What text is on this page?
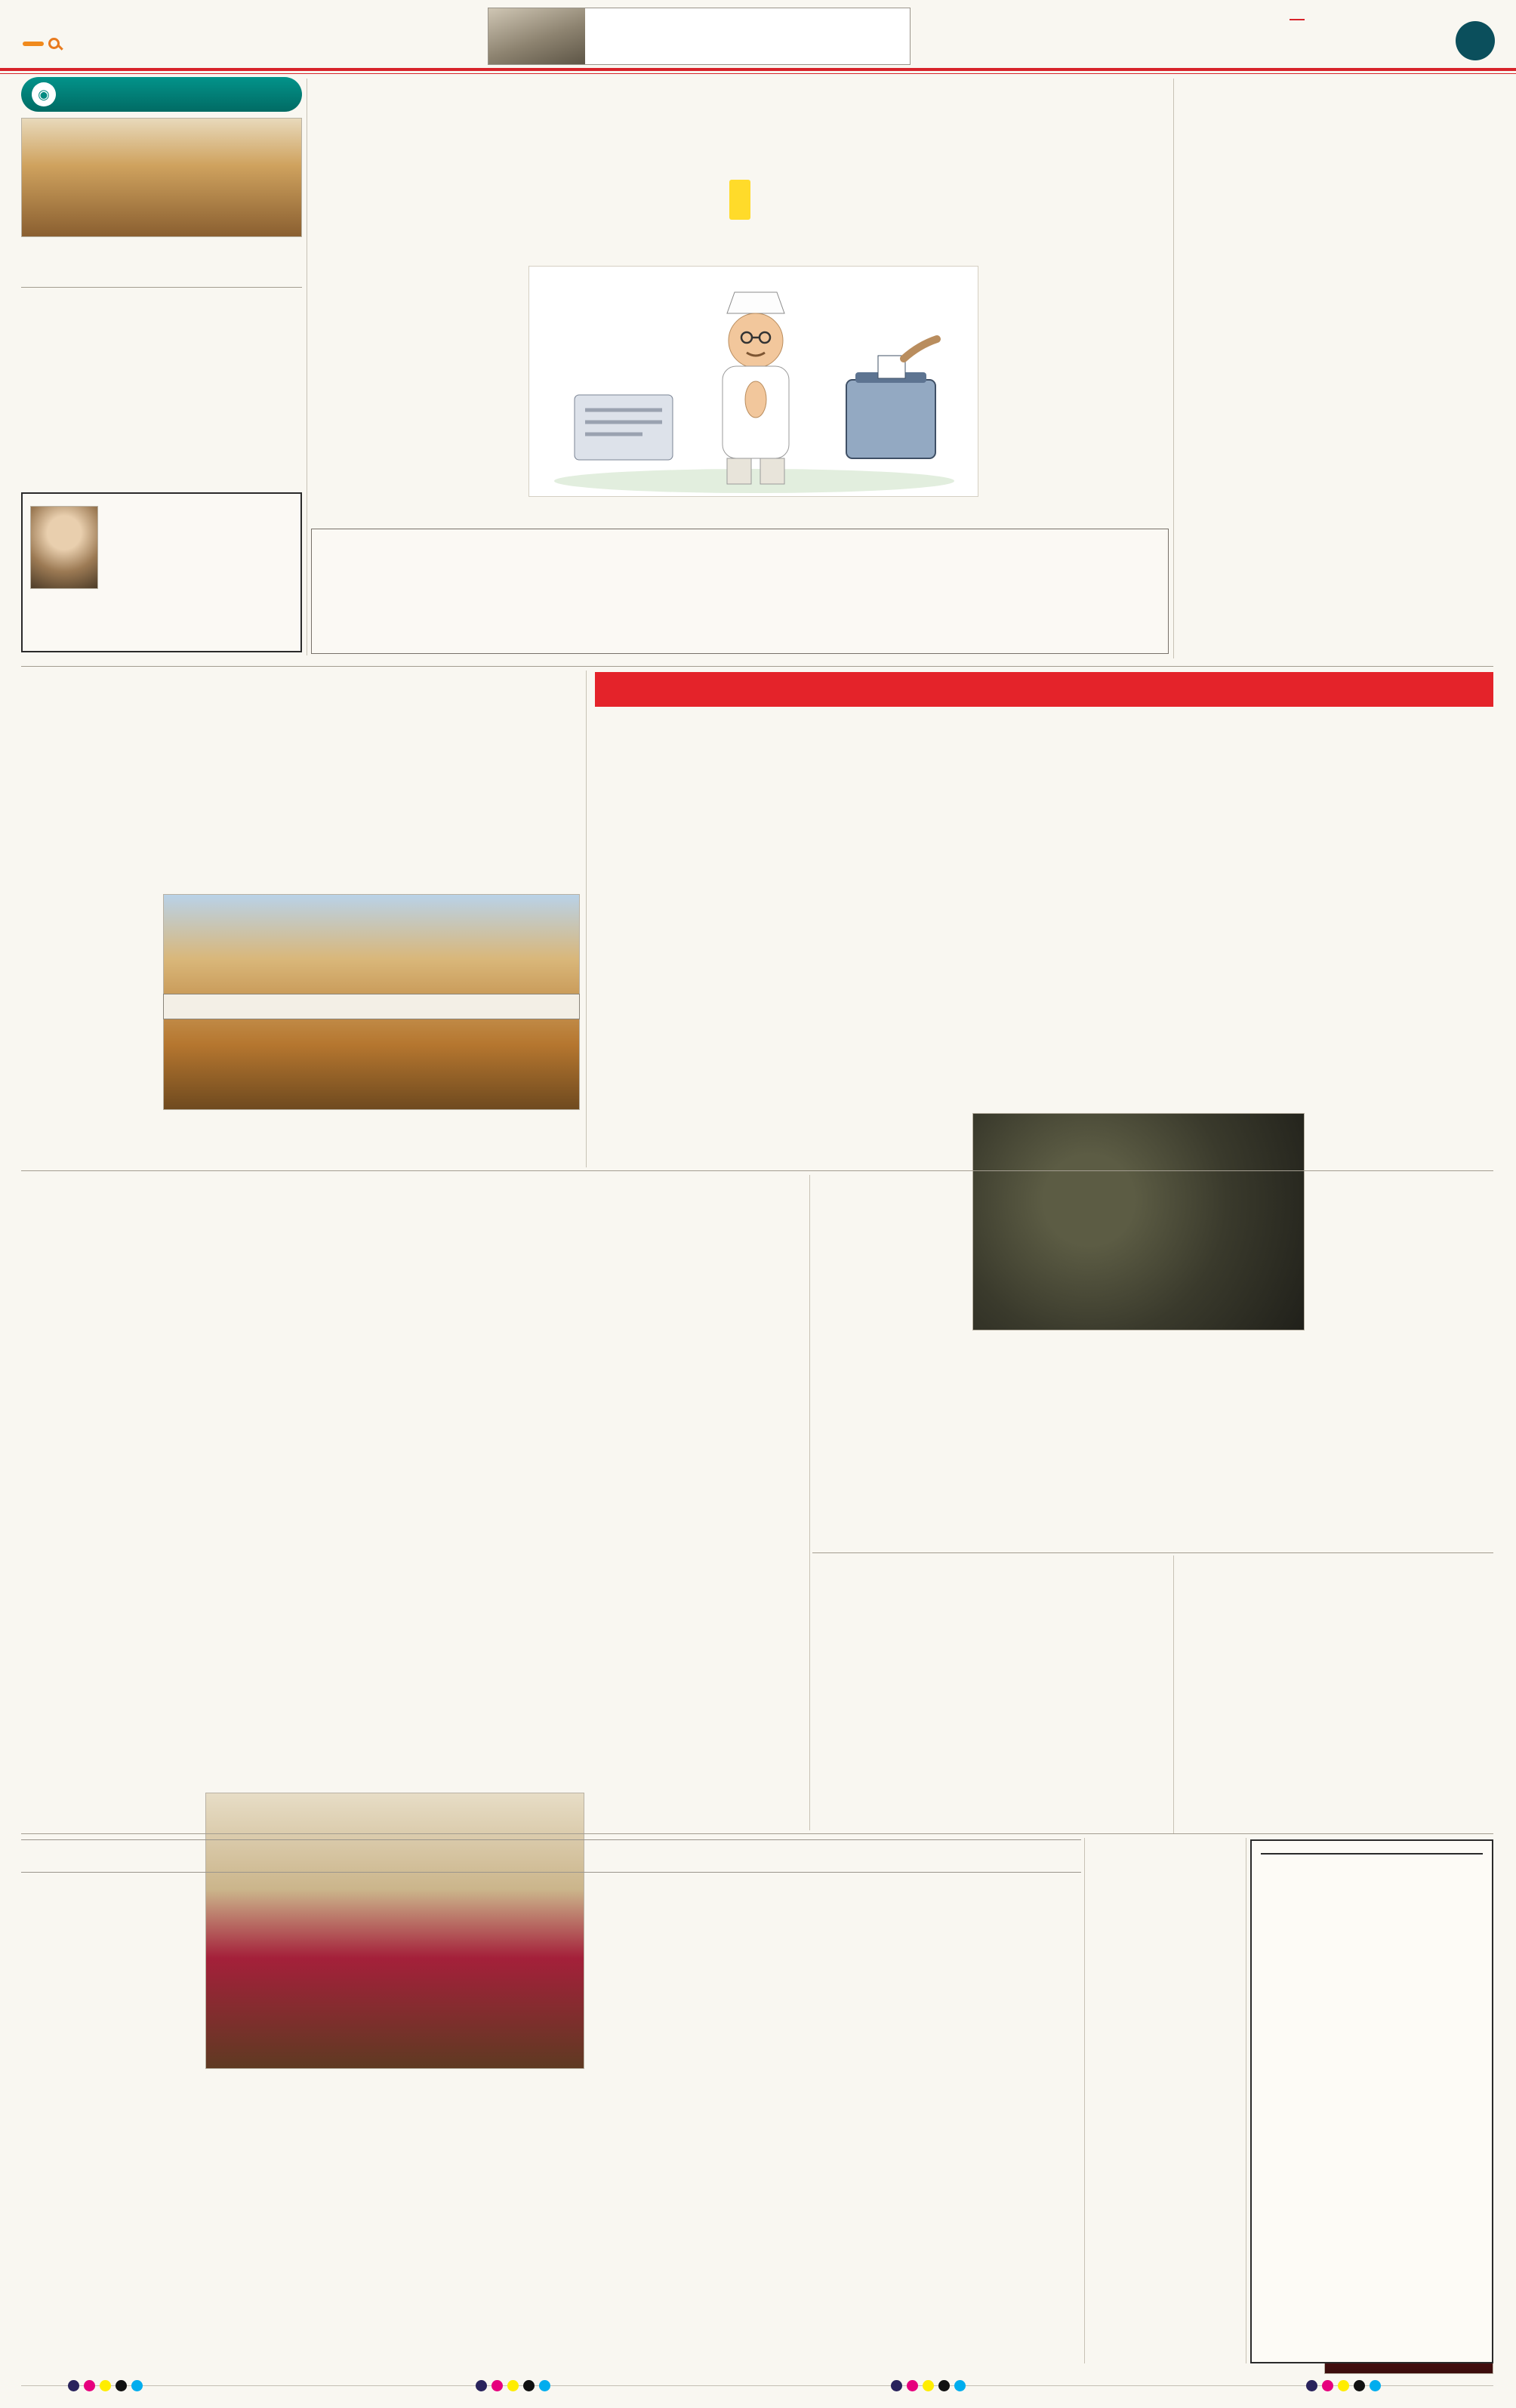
◉
